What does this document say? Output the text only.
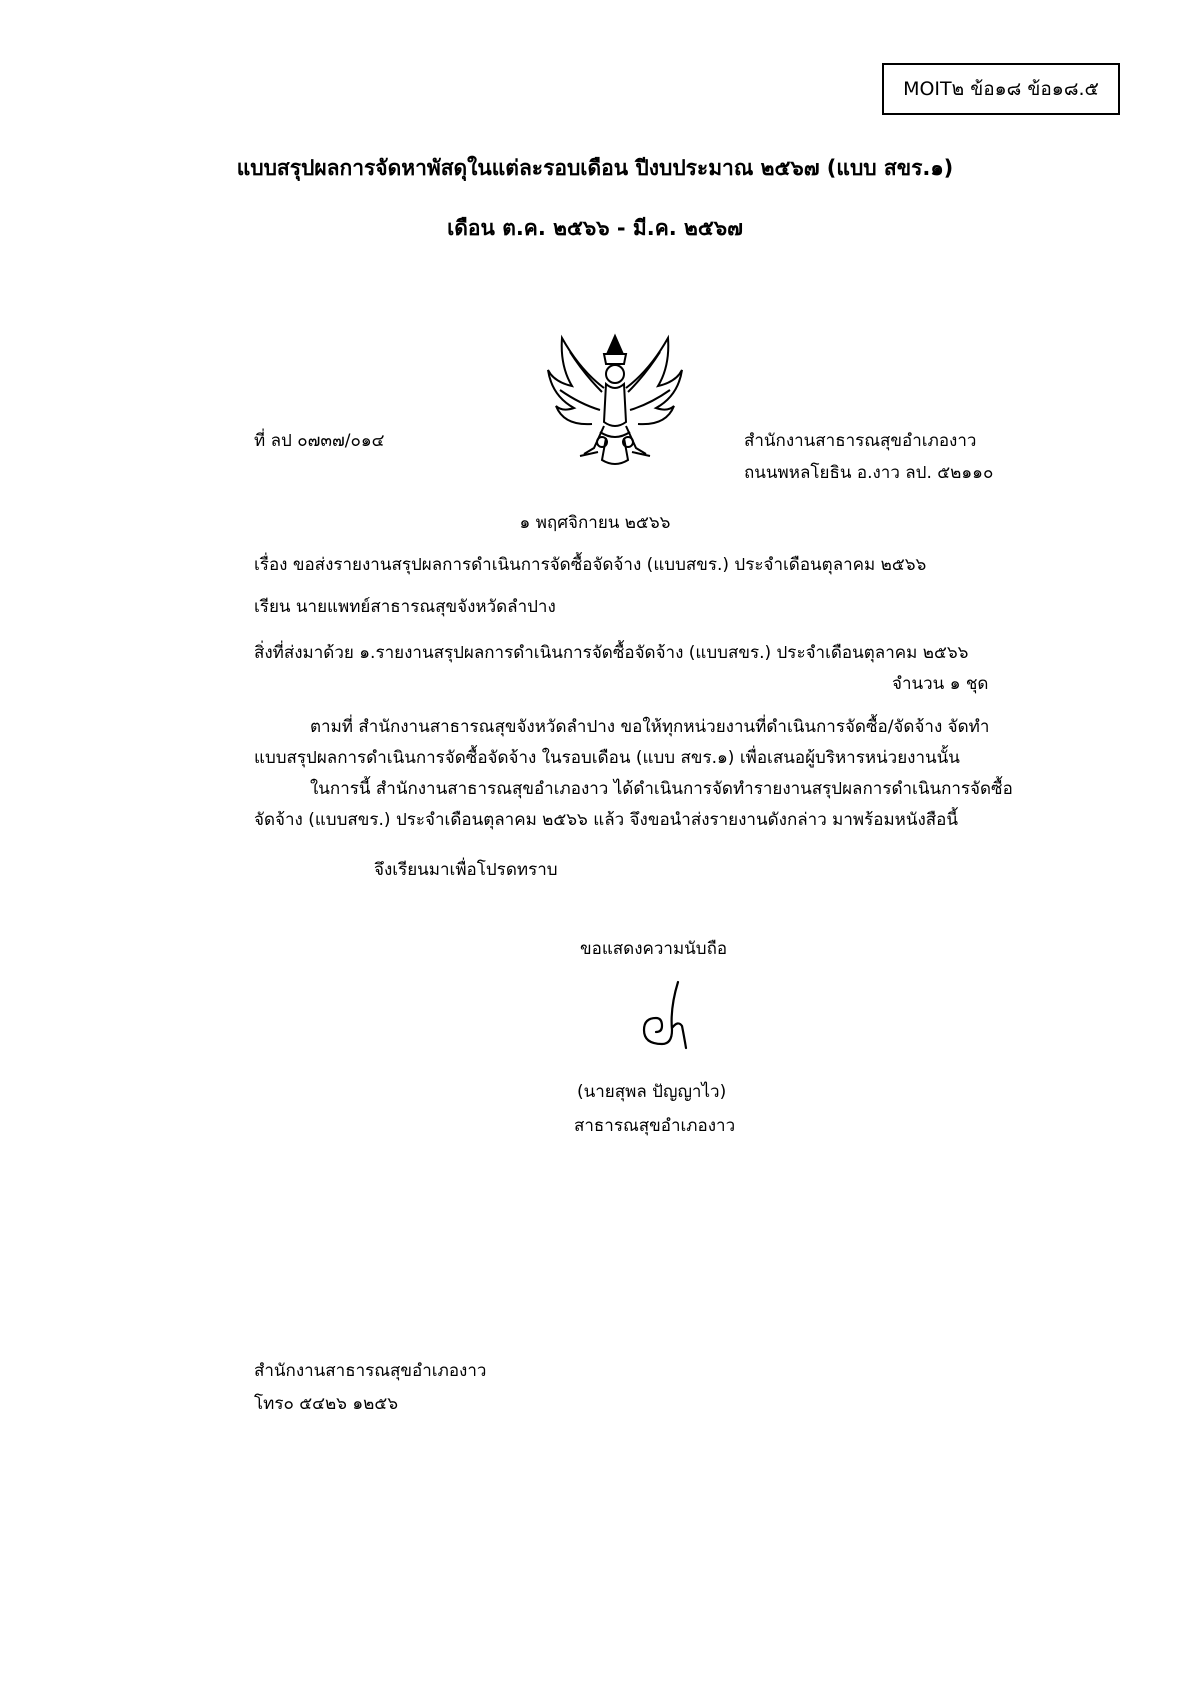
MOIT๒ ข้อ๑๘ ข้อ๑๘.๕
แบบสรุปผลการจัดหาพัสดุในแต่ละรอบเดือน ปีงบประมาณ ๒๕๖๗ (แบบ สขร.๑)
เดือน ต.ค. ๒๕๖๖ - มี.ค. ๒๕๖๗
ที่ ลป ๐๗๓๗/๐๑๔	สำนักงานสาธารณสุขอำเภองาว
ถนนพหลโยธิน อ.งาว ลป. ๕๒๑๑๐
๑ พฤศจิกายน ๒๕๖๖
เรื่อง ขอส่งรายงานสรุปผลการดำเนินการจัดซื้อจัดจ้าง (แบบสขร.) ประจำเดือนตุลาคม ๒๕๖๖
เรียน นายแพทย์สาธารณสุขจังหวัดลำปาง
สิ่งที่ส่งมาด้วย ๑.รายงานสรุปผลการดำเนินการจัดซื้อจัดจ้าง (แบบสขร.) ประจำเดือนตุลาคม ๒๕๖๖
จำนวน ๑ ชุด
ตามที่ สำนักงานสาธารณสุขจังหวัดลำปาง ขอให้ทุกหน่วยงานที่ดำเนินการจัดซื้อ/จัดจ้าง จัดทำ
แบบสรุปผลการดำเนินการจัดซื้อจัดจ้าง ในรอบเดือน (แบบ สขร.๑) เพื่อเสนอผู้บริหารหน่วยงานนั้น
ในการนี้ สำนักงานสาธารณสุขอำเภองาว ได้ดำเนินการจัดทำรายงานสรุปผลการดำเนินการจัดซื้อ
จัดจ้าง (แบบสขร.) ประจำเดือนตุลาคม ๒๕๖๖ แล้ว จึงขอนำส่งรายงานดังกล่าว มาพร้อมหนังสือนี้
จึงเรียนมาเพื่อโปรดทราบ
ขอแสดงความนับถือ
(นายสุพล ปัญญาไว)
สาธารณสุขอำเภองาว
สำนักงานสาธารณสุขอำเภองาว
โทร๐ ๕๔๒๖ ๑๒๕๖
